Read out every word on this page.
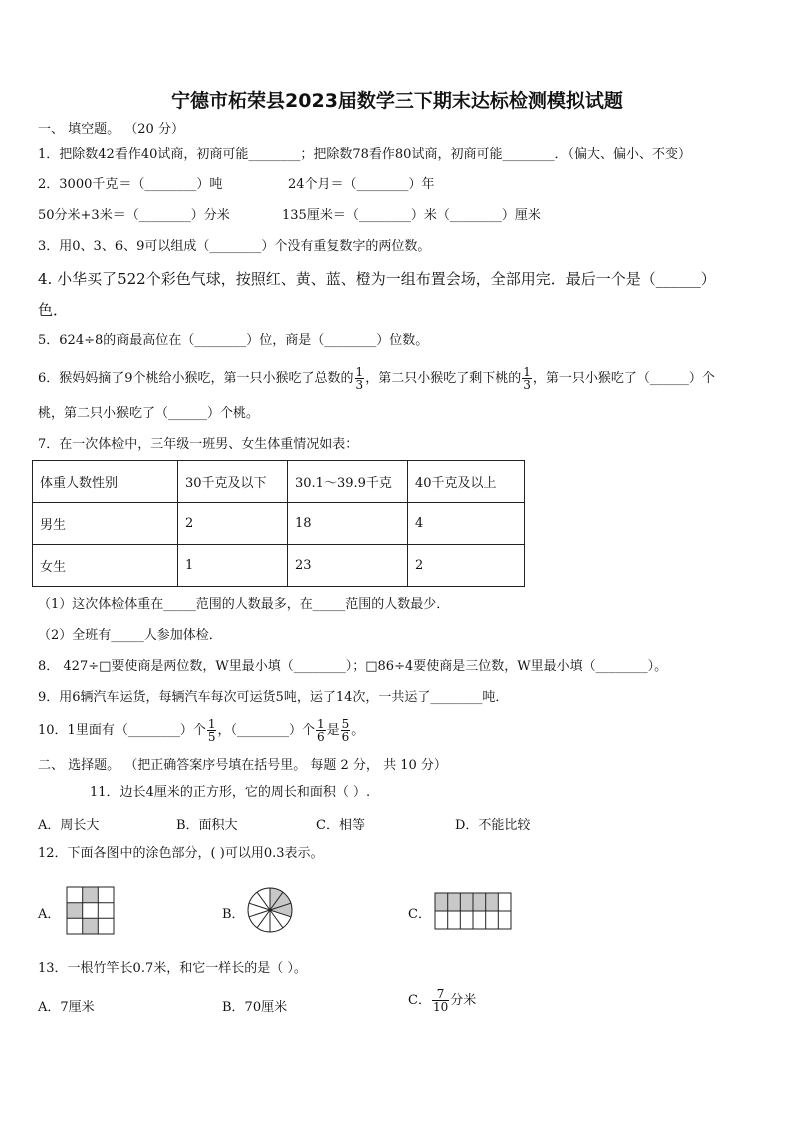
宁德市柘荣县2023届数学三下期末达标检测模拟试题
一、 填空题。 （20 分）
1．把除数42看作40试商，初商可能________；把除数78看作80试商，初商可能________．（偏大、偏小、不变）
2．3000千克＝（________）吨	24个月＝（________）年
50分米+3米＝（________）分米	135厘米＝（________）米（________）厘米
3．用0、3、6、9可以组成（________）个没有重复数字的两位数。
4. 小华买了522个彩色气球，按照红、黄、蓝、橙为一组布置会场，全部用完．最后一个是（______）
色．
5．624÷8的商最高位在（________）位，商是（________）位数。
6．猴妈妈摘了9个桃给小猴吃，第一只小猴吃了总数的 $\frac{1}{3}$ ，第二只小猴吃了剩下桃的 $\frac{1}{3}$ ，第一只小猴吃了（______）个
桃，第二只小猴吃了（______）个桃。
7．在一次体检中，三年级一班男、女生体重情况如表：
体重人数性别	30千克及以下	30.1～39.9千克	40千克及以上
男生	2	18	4
女生	1	23	2
（1）这次体检体重在_____范围的人数最多，在_____范围的人数最少．
（2）全班有_____人参加体检．
8． 427÷□要使商是两位数，W里最小填（________）；□86÷4要使商是三位数，W里最小填（________）。
9．用6辆汽车运货，每辆汽车每次可运货5吨，运了14次，一共运了________吨．
10．1里面有（________）个 $\frac{1}{5}$ ，（________）个 $\frac{1}{6}$ 是 $\frac{5}{6}$ 。
二、 选择题。 （把正确答案序号填在括号里。 每题 2 分， 共 10 分）
11．边长4厘米的正方形，它的周长和面积（ ）.
A．周长大	B．面积大	C．相等	D．不能比较
12．下面各图中的涂色部分，( )可以用0.3表示。
A．	B．	C．
13．一根竹竿长0.7米，和它一样长的是（ ）。
A．7厘米	B．70厘米	C． $\frac{7}{10}$ 分米
